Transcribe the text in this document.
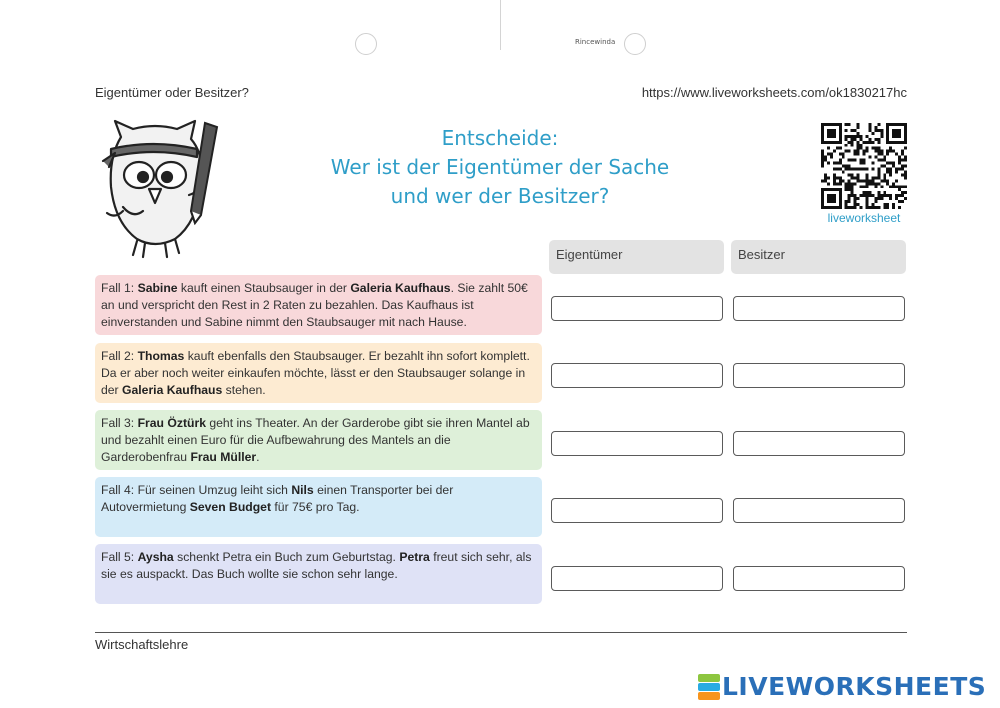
Rincewinda
Eigentümer oder Besitzer?	https://www.liveworksheets.com/ok1830217hc
Entscheide:
Wer ist der Eigentümer der Sache
und wer der Besitzer?
liveworksheet
Eigentümer	Besitzer
Fall 1: Sabine kauft einen Staubsauger in der Galeria Kaufhaus. Sie zahlt 50€ an und verspricht den Rest in 2 Raten zu bezahlen. Das Kaufhaus ist einverstanden und Sabine nimmt den Staubsauger mit nach Hause.
Fall 2: Thomas kauft ebenfalls den Staubsauger. Er bezahlt ihn sofort komplett. Da er aber noch weiter einkaufen möchte, lässt er den Staubsauger solange in der Galeria Kaufhaus stehen.
Fall 3: Frau Öztürk geht ins Theater. An der Garderobe gibt sie ihren Mantel ab und bezahlt einen Euro für die Aufbewahrung des Mantels an die Garderobenfrau Frau Müller.
Fall 4: Für seinen Umzug leiht sich Nils einen Transporter bei der Autovermietung Seven Budget für 75€ pro Tag.
Fall 5: Aysha schenkt Petra ein Buch zum Geburtstag. Petra freut sich sehr, als sie es auspackt. Das Buch wollte sie schon sehr lange.
Wirtschaftslehre
LIVEWORKSHEETS
